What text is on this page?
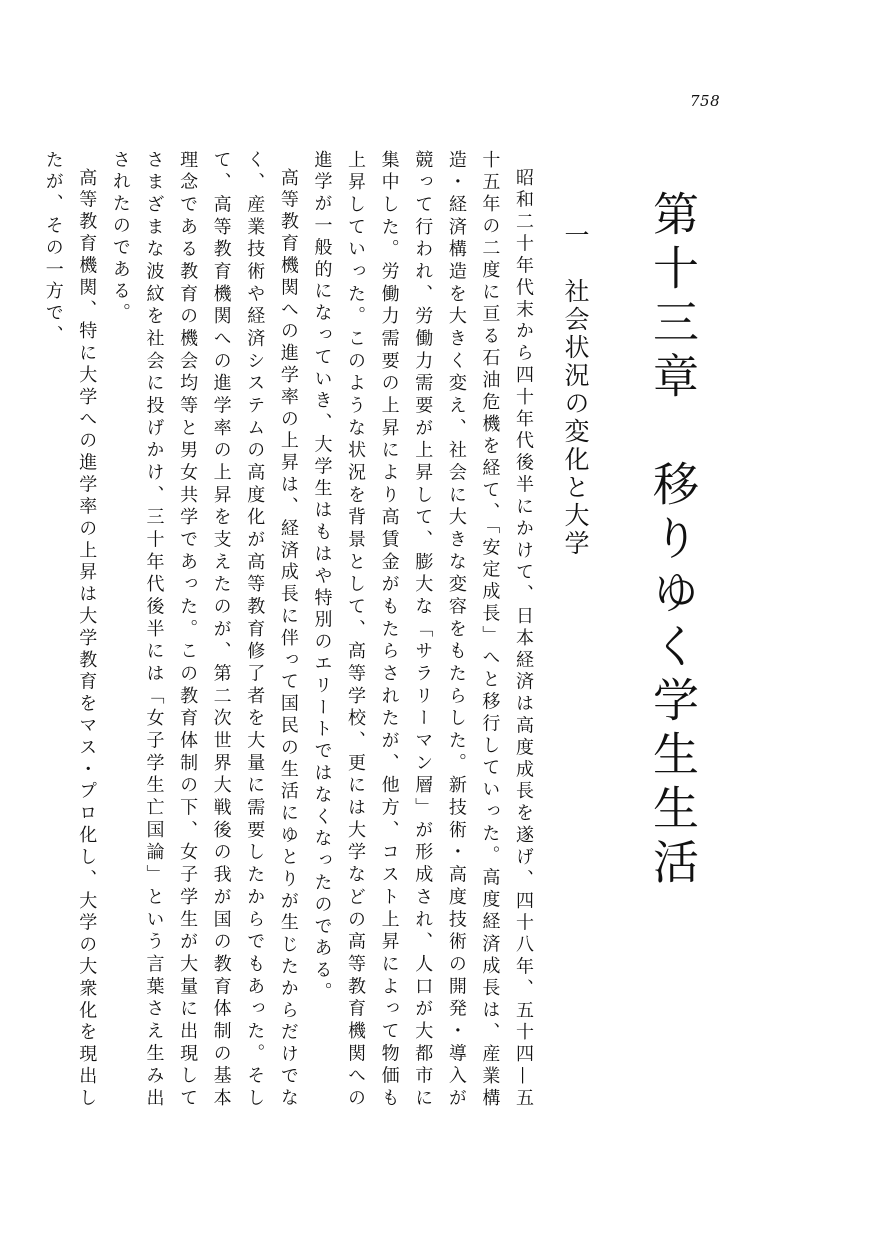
758
第十三章　移りゆく学生生活
一　社会状況の変化と大学

昭和二十年代末から四十年代後半にかけて、日本経済は高度成長を遂げ、四十八年、五十四—五十五年の二度に亘る石油危機を経て、「安定成長」へと移行していった。高度経済成長は、産業構造・経済構造を大きく変え、社会に大きな変容をもたらした。新技術・高度技術の開発・導入が競って行われ、労働力需要が上昇して、膨大な「サラリーマン層」が形成され、人口が大都市に集中した。労働力需要の上昇により高賃金がもたらされたが、他方、コスト上昇によって物価も上昇していった。このような状況を背景として、高等学校、更には大学などの高等教育機関への進学が一般的になっていき、大学生はもはや特別のエリートではなくなったのである。

高等教育機関への進学率の上昇は、経済成長に伴って国民の生活にゆとりが生じたからだけでなく、産業技術や経済システムの高度化が高等教育修了者を大量に需要したからでもあった。そして、高等教育機関への進学率の上昇を支えたのが、第二次世界大戦後の我が国の教育体制の基本理念である教育の機会均等と男女共学であった。この教育体制の下、女子学生が大量に出現してさまざまな波紋を社会に投げかけ、三十年代後半には「女子学生亡国論」という言葉さえ生み出されたのである。

高等教育機関、特に大学への進学率の上昇は大学教育をマス・プロ化し、大学の大衆化を現出したが、その一方で、
